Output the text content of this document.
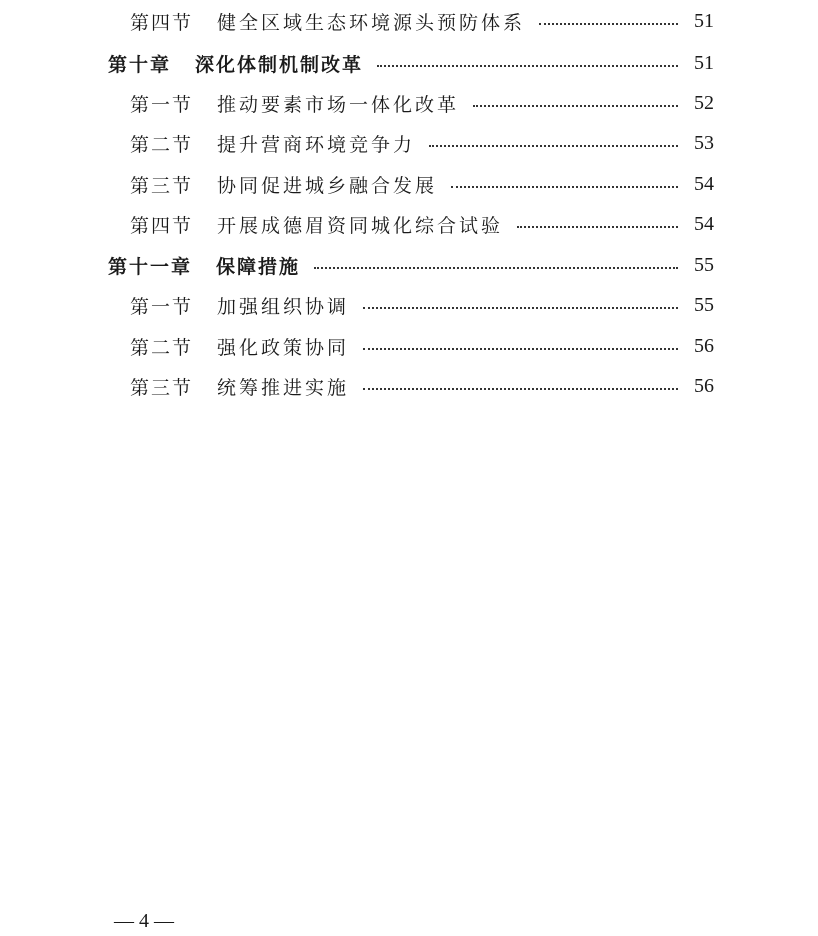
第四节 健全区域生态环境源头预防体系	51
第十章 深化体制机制改革	51
第一节 推动要素市场一体化改革	52
第二节 提升营商环境竞争力	53
第三节 协同促进城乡融合发展	54
第四节 开展成德眉资同城化综合试验	54
第十一章 保障措施	55
第一节 加强组织协调	55
第二节 强化政策协同	56
第三节 统筹推进实施	56
— 4 —
